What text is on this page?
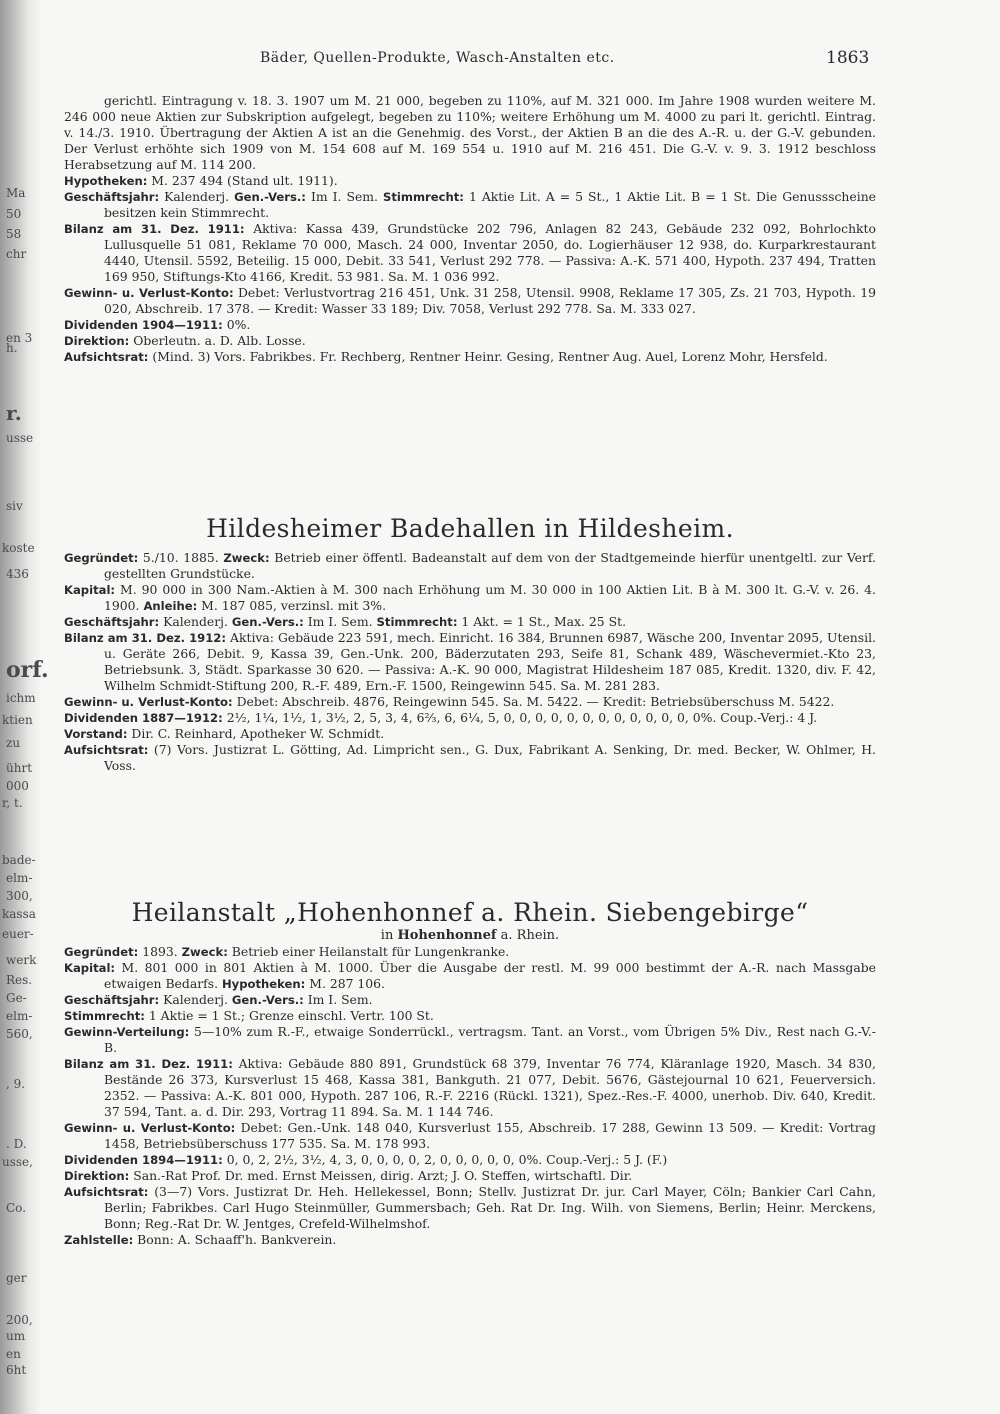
Ma
50
58
chr
en 3
h.
r.
usse
siv
koste
436
orf.
ichm
ktien
zu
ührt
000
r, t.
bade-
elm-
300,
kassa
euer-
werk
Res.
Ge-
elm-
560,
, 9.
. D.
usse,
Co.
ger
200,
um
en
6ht
Bäder, Quellen-Produkte, Wasch-Anstalten etc.	1863

gerichtl. Eintragung v. 18. 3. 1907 um M. 21 000, begeben zu 110%, auf M. 321 000. Im Jahre 1908 wurden weitere M. 246 000 neue Aktien zur Subskription aufgelegt, begeben zu 110%; weitere Erhöhung um M. 4000 zu pari lt. gerichtl. Eintrag. v. 14./3. 1910. Übertragung der Aktien A ist an die Genehmig. des Vorst., der Aktien B an die des A.-R. u. der G.-V. gebunden. Der Verlust erhöhte sich 1909 von M. 154 608 auf M. 169 554 u. 1910 auf M. 216 451. Die G.-V. v. 9. 3. 1912 beschloss Herabsetzung auf M. 114 200.

Hypotheken: M. 237 494 (Stand ult. 1911).

Geschäftsjahr: Kalenderj. Gen.-Vers.: Im I. Sem. Stimmrecht: 1 Aktie Lit. A = 5 St., 1 Aktie Lit. B = 1 St. Die Genussscheine besitzen kein Stimmrecht.

Bilanz am 31. Dez. 1911: Aktiva: Kassa 439, Grundstücke 202 796, Anlagen 82 243, Gebäude 232 092, Bohrlochkto Lullusquelle 51 081, Reklame 70 000, Masch. 24 000, Inventar 2050, do. Logierhäuser 12 938, do. Kurparkrestaurant 4440, Utensil. 5592, Beteilig. 15 000, Debit. 33 541, Verlust 292 778. — Passiva: A.-K. 571 400, Hypoth. 237 494, Tratten 169 950, Stiftungs-Kto 4166, Kredit. 53 981. Sa. M. 1 036 992.

Gewinn- u. Verlust-Konto: Debet: Verlustvortrag 216 451, Unk. 31 258, Utensil. 9908, Reklame 17 305, Zs. 21 703, Hypoth. 19 020, Abschreib. 17 378. — Kredit: Wasser 33 189; Div. 7058, Verlust 292 778. Sa. M. 333 027.

Dividenden 1904—1911: 0%.

Direktion: Oberleutn. a. D. Alb. Losse.

Aufsichtsrat: (Mind. 3) Vors. Fabrikbes. Fr. Rechberg, Rentner Heinr. Gesing, Rentner Aug. Auel, Lorenz Mohr, Hersfeld.

Hildesheimer Badehallen in Hildesheim.

Gegründet: 5./10. 1885. Zweck: Betrieb einer öffentl. Badeanstalt auf dem von der Stadtgemeinde hierfür unentgeltl. zur Verf. gestellten Grundstücke.

Kapital: M. 90 000 in 300 Nam.-Aktien à M. 300 nach Erhöhung um M. 30 000 in 100 Aktien Lit. B à M. 300 lt. G.-V. v. 26. 4. 1900. Anleihe: M. 187 085, verzinsl. mit 3%.

Geschäftsjahr: Kalenderj. Gen.-Vers.: Im I. Sem. Stimmrecht: 1 Akt. = 1 St., Max. 25 St.

Bilanz am 31. Dez. 1912: Aktiva: Gebäude 223 591, mech. Einricht. 16 384, Brunnen 6987, Wäsche 200, Inventar 2095, Utensil. u. Geräte 266, Debit. 9, Kassa 39, Gen.-Unk. 200, Bäderzutaten 293, Seife 81, Schank 489, Wäschevermiet.-Kto 23, Betriebsunk. 3, Städt. Sparkasse 30 620. — Passiva: A.-K. 90 000, Magistrat Hildesheim 187 085, Kredit. 1320, div. F. 42, Wilhelm Schmidt-Stiftung 200, R.-F. 489, Ern.-F. 1500, Reingewinn 545. Sa. M. 281 283.

Gewinn- u. Verlust-Konto: Debet: Abschreib. 4876, Reingewinn 545. Sa. M. 5422. — Kredit: Betriebsüberschuss M. 5422.

Dividenden 1887—1912: 2½, 1¼, 1½, 1, 3½, 2, 5, 3, 4, 6⅔, 6, 6¼, 5, 0, 0, 0, 0, 0, 0, 0, 0, 0, 0, 0, 0, 0%. Coup.-Verj.: 4 J.

Vorstand: Dir. C. Reinhard, Apotheker W. Schmidt.

Aufsichtsrat: (7) Vors. Justizrat L. Götting, Ad. Limpricht sen., G. Dux, Fabrikant A. Senking, Dr. med. Becker, W. Ohlmer, H. Voss.

Heilanstalt „Hohenhonnef a. Rhein. Siebengebirge“

in Hohenhonnef a. Rhein.

Gegründet: 1893. Zweck: Betrieb einer Heilanstalt für Lungenkranke.

Kapital: M. 801 000 in 801 Aktien à M. 1000. Über die Ausgabe der restl. M. 99 000 bestimmt der A.-R. nach Massgabe etwaigen Bedarfs. Hypotheken: M. 287 106.

Geschäftsjahr: Kalenderj. Gen.-Vers.: Im I. Sem.

Stimmrecht: 1 Aktie = 1 St.; Grenze einschl. Vertr. 100 St.

Gewinn-Verteilung: 5—10% zum R.-F., etwaige Sonderrückl., vertragsm. Tant. an Vorst., vom Übrigen 5% Div., Rest nach G.-V.-B.

Bilanz am 31. Dez. 1911: Aktiva: Gebäude 880 891, Grundstück 68 379, Inventar 76 774, Kläranlage 1920, Masch. 34 830, Bestände 26 373, Kursverlust 15 468, Kassa 381, Bankguth. 21 077, Debit. 5676, Gästejournal 10 621, Feuerversich. 2352. — Passiva: A.-K. 801 000, Hypoth. 287 106, R.-F. 2216 (Rückl. 1321), Spez.-Res.-F. 4000, unerhob. Div. 640, Kredit. 37 594, Tant. a. d. Dir. 293, Vortrag 11 894. Sa. M. 1 144 746.

Gewinn- u. Verlust-Konto: Debet: Gen.-Unk. 148 040, Kursverlust 155, Abschreib. 17 288, Gewinn 13 509. — Kredit: Vortrag 1458, Betriebsüberschuss 177 535. Sa. M. 178 993.

Dividenden 1894—1911: 0, 0, 2, 2½, 3½, 4, 3, 0, 0, 0, 0, 2, 0, 0, 0, 0, 0, 0%. Coup.-Verj.: 5 J. (F.)

Direktion: San.-Rat Prof. Dr. med. Ernst Meissen, dirig. Arzt; J. O. Steffen, wirtschaftl. Dir.

Aufsichtsrat: (3—7) Vors. Justizrat Dr. Heh. Hellekessel, Bonn; Stellv. Justizrat Dr. jur. Carl Mayer, Cöln; Bankier Carl Cahn, Berlin; Fabrikbes. Carl Hugo Steinmüller, Gummersbach; Geh. Rat Dr. Ing. Wilh. von Siemens, Berlin; Heinr. Merckens, Bonn; Reg.-Rat Dr. W. Jentges, Crefeld-Wilhelmshof.

Zahlstelle: Bonn: A. Schaaff'h. Bankverein.
